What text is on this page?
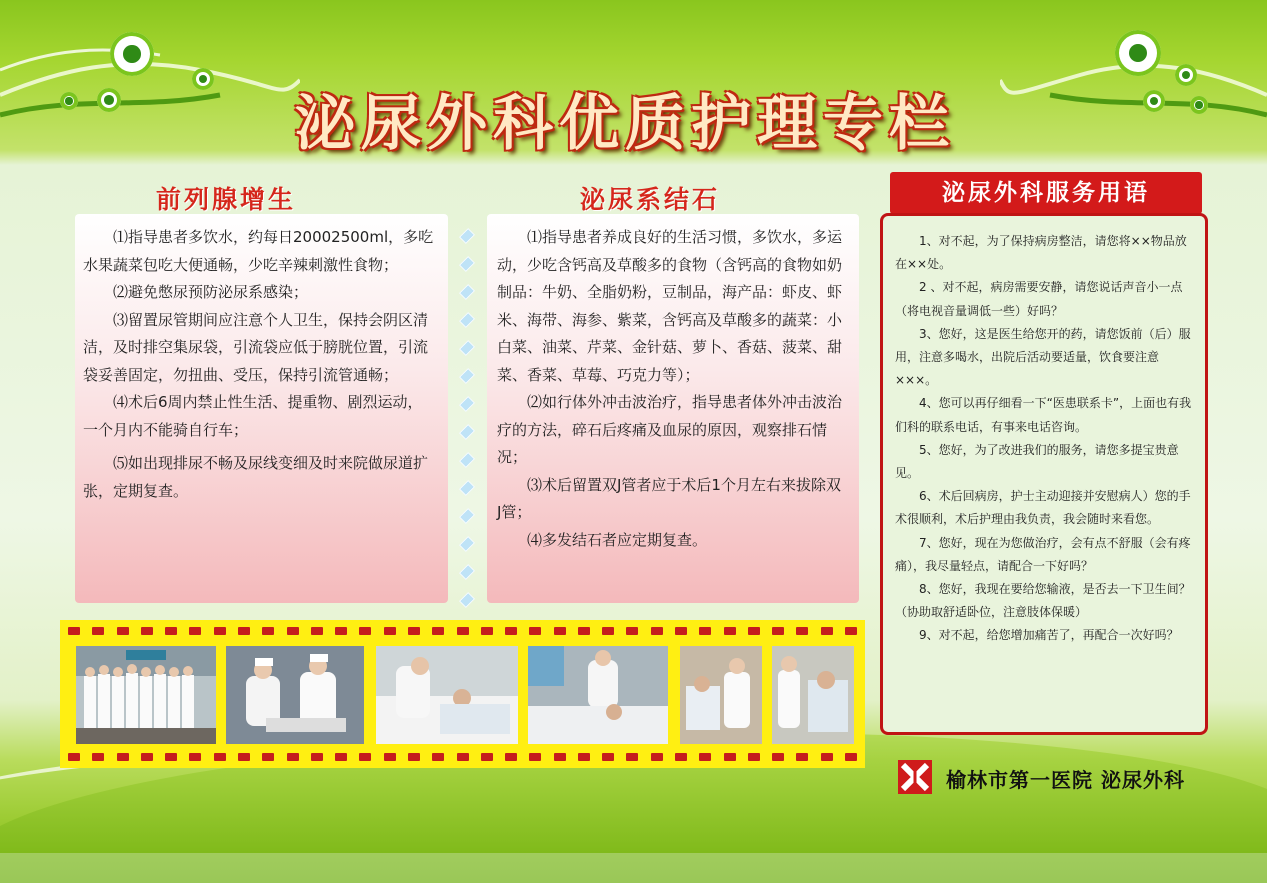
泌尿外科优质护理专栏
前列腺增生

⑴指导患者多饮水，约每日20002500ml，多吃水果蔬菜包吃大便通畅，少吃辛辣刺激性食物；

⑵避免憋尿预防泌尿系感染；

⑶留置尿管期间应注意个人卫生，保持会阴区清洁，及时排空集尿袋，引流袋应低于膀胱位置，引流袋妥善固定，勿扭曲、受压，保持引流管通畅；

⑷术后6周内禁止性生活、提重物、剧烈运动，一个月内不能骑自行车；

⑸如出现排尿不畅及尿线变细及时来院做尿道扩张，定期复查。

泌尿系结石

⑴指导患者养成良好的生活习惯，多饮水，多运动，少吃含钙高及草酸多的食物（含钙高的食物如奶制品：牛奶、全脂奶粉，豆制品，海产品：虾皮、虾米、海带、海参、紫菜，含钙高及草酸多的蔬菜：小白菜、油菜、芹菜、金针菇、萝卜、香菇、菠菜、甜菜、香菜、草莓、巧克力等）；

⑵如行体外冲击波治疗，指导患者体外冲击波治疗的方法，碎石后疼痛及血尿的原因，观察排石情况；

⑶术后留置双J管者应于术后1个月左右来拔除双J管；

⑷多发结石者应定期复查。

泌尿外科服务用语

1、对不起，为了保持病房整洁，请您将××物品放在××处。

2 、对不起，病房需要安静，请您说话声音小一点（将电视音量调低一些）好吗？

3、您好，这是医生给您开的药，请您饭前（后）服用，注意多喝水，出院后活动要适量，饮食要注意×××。

4、您可以再仔细看一下“医患联系卡”，上面也有我们科的联系电话，有事来电话咨询。

5、您好，为了改进我们的服务，请您多提宝贵意见。

6、术后回病房，护士主动迎接并安慰病人）您的手术很顺利，术后护理由我负责，我会随时来看您。

7、您好，现在为您做治疗，会有点不舒服（会有疼痛），我尽量轻点，请配合一下好吗？

8、您好，我现在要给您输液，是否去一下卫生间？（协助取舒适卧位，注意肢体保暖）

9、对不起，给您增加痛苦了，再配合一次好吗？

榆林市第一医院 泌尿外科
